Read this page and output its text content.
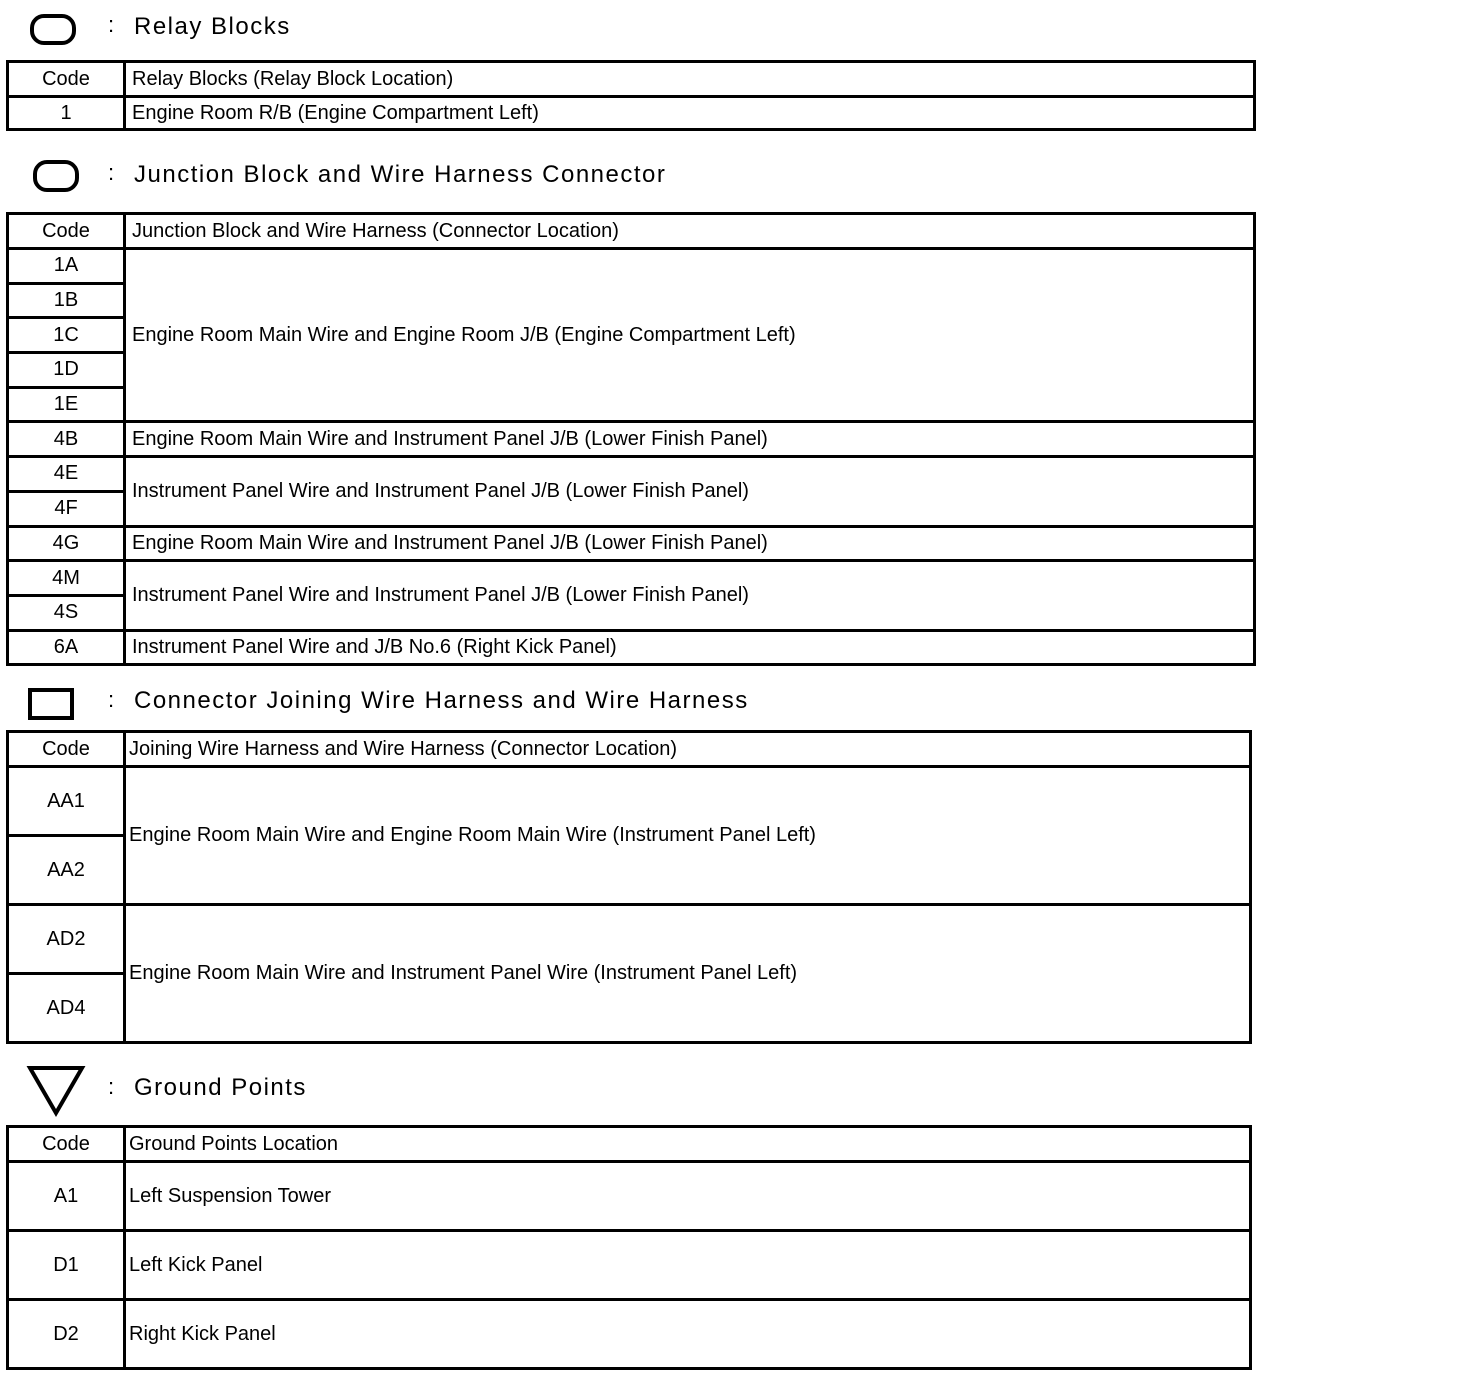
: Relay Blocks
Code	Relay Blocks (Relay Block Location)
1	Engine Room R/B (Engine Compartment Left)
: Junction Block and Wire Harness Connector
Code	Junction Block and Wire Harness (Connector Location)
1A	Engine Room Main Wire and Engine Room J/B (Engine Compartment Left)
1B	
1C	
1D	
1E	
4B	Engine Room Main Wire and Instrument Panel J/B (Lower Finish Panel)
4E	Instrument Panel Wire and Instrument Panel J/B (Lower Finish Panel)
4F	
4G	Engine Room Main Wire and Instrument Panel J/B (Lower Finish Panel)
4M	Instrument Panel Wire and Instrument Panel J/B (Lower Finish Panel)
4S	
6A	Instrument Panel Wire and J/B No.6 (Right Kick Panel)
: Connector Joining Wire Harness and Wire Harness
Code	Joining Wire Harness and Wire Harness (Connector Location)
AA1	Engine Room Main Wire and Engine Room Main Wire (Instrument Panel Left)
AA2	
AD2	Engine Room Main Wire and Instrument Panel Wire (Instrument Panel Left)
AD4	
: Ground Points
Code	Ground Points Location
A1	Left Suspension Tower
D1	Left Kick Panel
D2	Right Kick Panel
